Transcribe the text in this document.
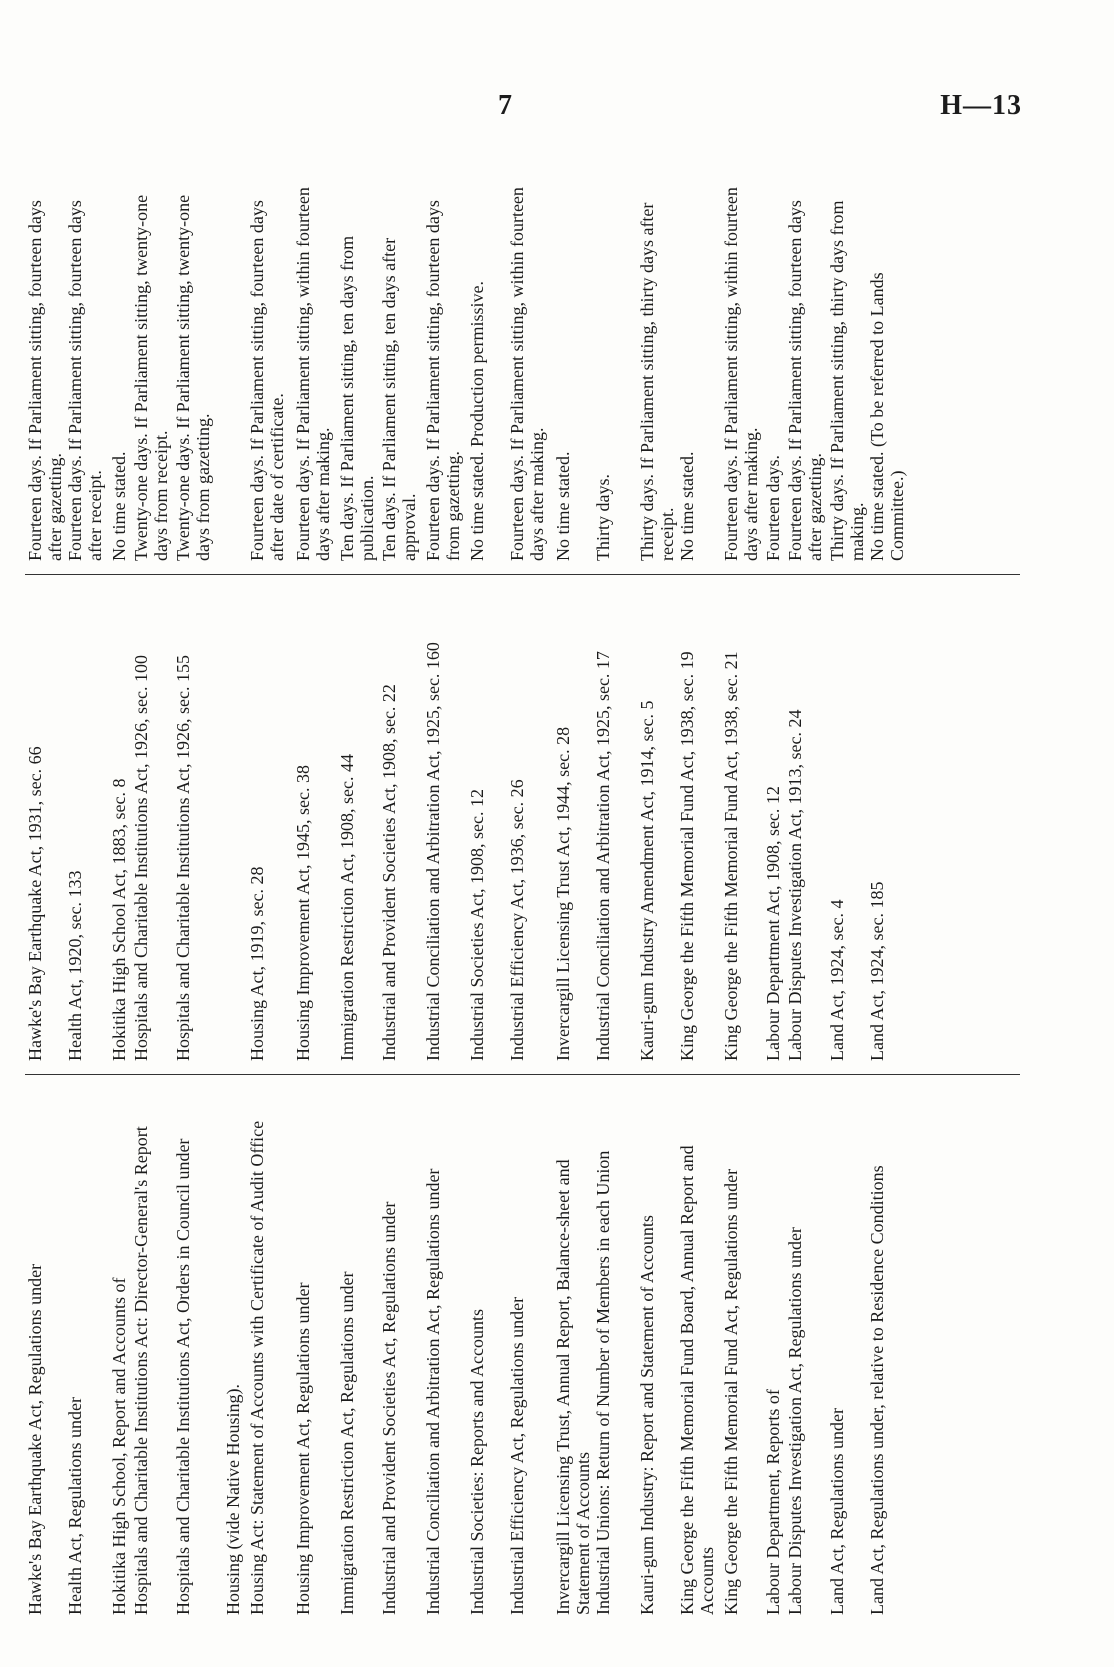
7	H—13
Hawke's Bay Earthquake Act, Regulations under
Hawke's Bay Earthquake Act, 1931, sec. 66
Fourteen days. If Parliament sitting, fourteen days after gazetting.
Health Act, Regulations under
Health Act, 1920, sec. 133
Fourteen days. If Parliament sitting, fourteen days after receipt.
Hokitika High School, Report and Accounts of
Hokitika High School Act, 1883, sec. 8
No time stated.
Hospitals and Charitable Institutions Act: Director-General's Report
Hospitals and Charitable Institutions Act, 1926, sec. 100
Twenty-one days. If Parliament sitting, twenty-one days from receipt.
Hospitals and Charitable Institutions Act, Orders in Council under
Hospitals and Charitable Institutions Act, 1926, sec. 155
Twenty-one days. If Parliament sitting, twenty-one days from gazetting.
Housing (vide Native Housing). Housing Act: Statement of Accounts with Certificate of Audit Office
Housing Act, 1919, sec. 28
Fourteen days. If Parliament sitting, fourteen days after date of certificate.
Housing Improvement Act, Regulations under
Housing Improvement Act, 1945, sec. 38
Fourteen days. If Parliament sitting, within fourteen days after making.
Immigration Restriction Act, Regulations under
Immigration Restriction Act, 1908, sec. 44
Ten days. If Parliament sitting, ten days from publication.
Industrial and Provident Societies Act, Regulations under
Industrial and Provident Societies Act, 1908, sec. 22
Ten days. If Parliament sitting, ten days after approval.
Industrial Conciliation and Arbitration Act, Regulations under
Industrial Conciliation and Arbitration Act, 1925, sec. 160
Fourteen days. If Parliament sitting, fourteen days from gazetting.
Industrial Societies: Reports and Accounts
Industrial Societies Act, 1908, sec. 12
No time stated. Production permissive.
Industrial Efficiency Act, Regulations under
Industrial Efficiency Act, 1936, sec. 26
Fourteen days. If Parliament sitting, within fourteen days after making.
Invercargill Licensing Trust, Annual Report, Balance-sheet and Statement of Accounts
Invercargill Licensing Trust Act, 1944, sec. 28
No time stated.
Industrial Unions: Return of Number of Members in each Union
Industrial Conciliation and Arbitration Act, 1925, sec. 17
Thirty days.
Kauri-gum Industry: Report and Statement of Accounts
Kauri-gum Industry Amendment Act, 1914, sec. 5
Thirty days. If Parliament sitting, thirty days after receipt.
King George the Fifth Memorial Fund Board, Annual Report and Accounts
King George the Fifth Memorial Fund Act, 1938, sec. 19
No time stated.
King George the Fifth Memorial Fund Act, Regulations under
King George the Fifth Memorial Fund Act, 1938, sec. 21
Fourteen days. If Parliament sitting, within fourteen days after making.
Labour Department, Reports of
Labour Department Act, 1908, sec. 12
Fourteen days.
Labour Disputes Investigation Act, Regulations under
Labour Disputes Investigation Act, 1913, sec. 24
Fourteen days. If Parliament sitting, fourteen days after gazetting.
Land Act, Regulations under
Land Act, 1924, sec. 4
Thirty days. If Parliament sitting, thirty days from making.
Land Act, Regulations under, relative to Residence Conditions
Land Act, 1924, sec. 185
No time stated. (To be referred to Lands Committee.)
